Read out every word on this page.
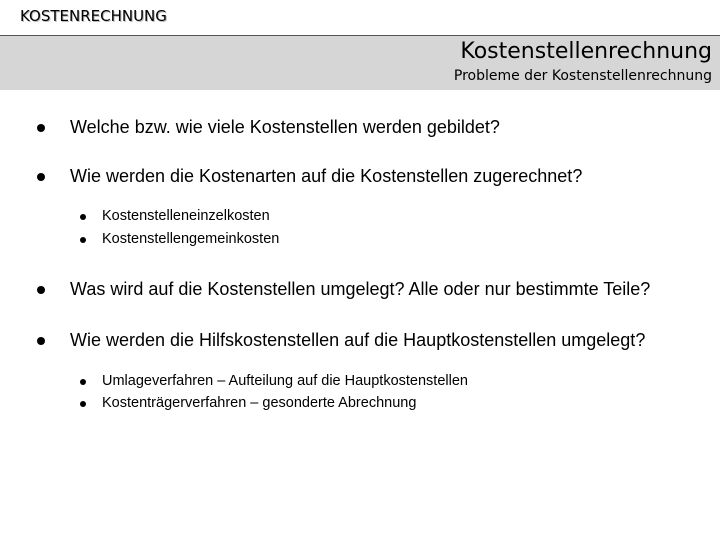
KOSTENRECHNUNG
Kostenstellenrechnung
Probleme der Kostenstellenrechnung
Welche bzw. wie viele Kostenstellen werden gebildet?
Wie werden die Kostenarten auf die Kostenstellen zugerechnet?
Kostenstelleneinzelkosten
Kostenstellengemeinkosten
Was wird auf die Kostenstellen umgelegt? Alle oder nur bestimmte Teile?
Wie werden die Hilfskostenstellen auf die Hauptkostenstellen umgelegt?
Umlageverfahren – Aufteilung auf die Hauptkostenstellen
Kostenträgerverfahren – gesonderte Abrechnung
